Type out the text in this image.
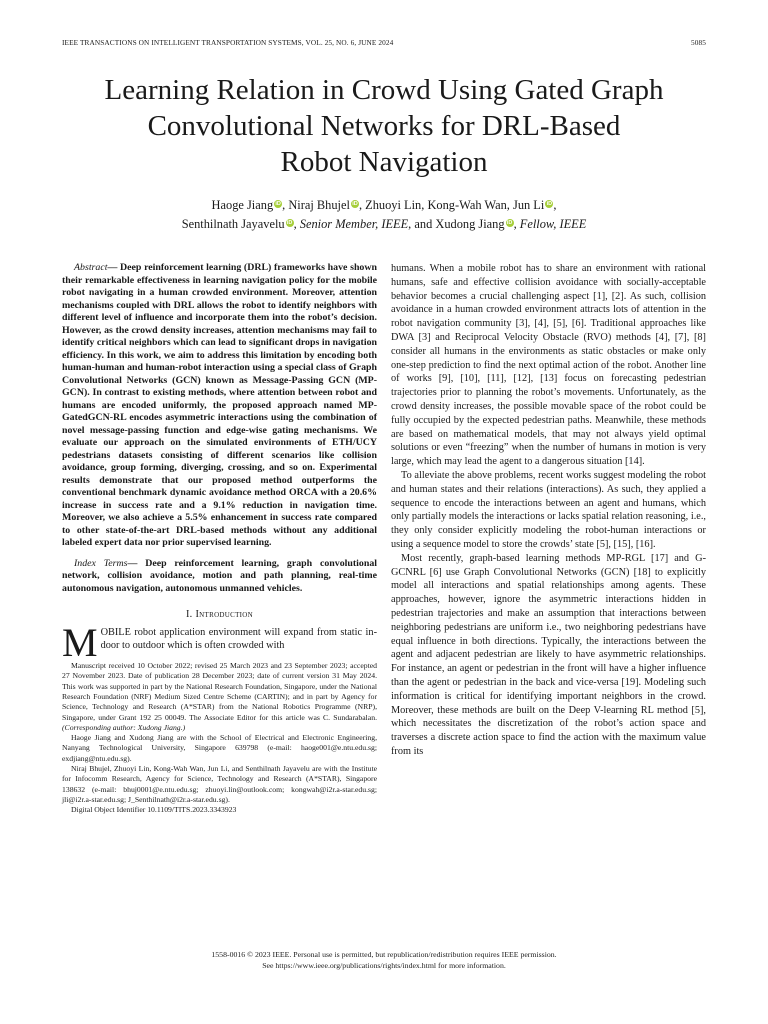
IEEE TRANSACTIONS ON INTELLIGENT TRANSPORTATION SYSTEMS, VOL. 25, NO. 6, JUNE 2024	5085
Learning Relation in Crowd Using Gated Graph
Convolutional Networks for DRL-Based
Robot Navigation
Haoge Jiang iD, Niraj Bhujel iD, Zhuoyi Lin, Kong-Wah Wan, Jun Li iD,
Senthilnath Jayavelu iD, Senior Member, IEEE, and Xudong Jiang iD, Fellow, IEEE

Abstract— Deep reinforcement learning (DRL) frameworks have shown their remarkable effectiveness in learning navigation policy for the mobile robot navigating in a human crowded environment. Moreover, attention mechanisms coupled with DRL allows the robot to identify neighbors with different level of influence and incorporate them into the robot’s decision. However, as the crowd density increases, attention mechanisms may fail to identify critical neighbors which can lead to significant drops in navigation efficiency. In this work, we aim to address this limitation by encoding both human-human and human-robot interaction using a special class of Graph Convolutional Networks (GCN) known as Message-Passing GCN (MP-GCN). In contrast to existing methods, where attention between robot and humans are encoded uniformly, the proposed approach named MP-GatedGCN-RL encodes asymmetric interactions using the combination of novel message-passing function and edge-wise gating mechanisms. We evaluate our approach on the simulated environments of ETH/UCY pedestrians datasets consisting of different scenarios like collision avoidance, group forming, diverging, crossing, and so on. Experimental results demonstrate that our proposed method outperforms the conventional benchmark dynamic avoidance method ORCA with a 20.6% increase in success rate and a 9.1% reduction in navigation time. Moreover, we also achieve a 5.5% enhancement in success rate compared to other state-of-the-art DRL-based methods without any additional labeled expert data nor prior supervised learning.

Index Terms— Deep reinforcement learning, graph convolutional network, collision avoidance, motion and path planning, real-time autonomous navigation, autonomous unmanned vehicles.

I. Introduction

MOBILE robot application environment will expand from static in-door to outdoor which is often crowded with

Manuscript received 10 October 2022; revised 25 March 2023 and 23 September 2023; accepted 27 November 2023. Date of publication 28 December 2023; date of current version 31 May 2024. This work was supported in part by the National Research Foundation, Singapore, under the National Research Foundation (NRF) Medium Sized Centre Scheme (CARTIN); and in part by Agency for Science, Technology and Research (A*STAR) from the National Robotics Programme (NRP), Singapore, under Grant 192 25 00049. The Associate Editor for this article was C. Sundarabalan. (Corresponding author: Xudong Jiang.)

Haoge Jiang and Xudong Jiang are with the School of Electrical and Electronic Engineering, Nanyang Technological University, Singapore 639798 (e-mail: haoge001@e.ntu.edu.sg; exdjiang@ntu.edu.sg).

Niraj Bhujel, Zhuoyi Lin, Kong-Wah Wan, Jun Li, and Senthilnath Jayavelu are with the Institute for Infocomm Research, Agency for Science, Technology and Research (A*STAR), Singapore 138632 (e-mail: bhuj0001@e.ntu.edu.sg; zhuoyi.lin@outlook.com; kongwah@i2r.a-star.edu.sg; jli@i2r.a-star.edu.sg; J_Senthilnath@i2r.a-star.edu.sg).

Digital Object Identifier 10.1109/TITS.2023.3343923

humans. When a mobile robot has to share an environment with rational humans, safe and effective collision avoidance with socially-acceptable behavior becomes a crucial challenging aspect [1], [2]. As such, collision avoidance in a human crowded environment attracts lots of attention in the robot navigation community [3], [4], [5], [6]. Traditional approaches like DWA [3] and Reciprocal Velocity Obstacle (RVO) methods [4], [7], [8] consider all humans in the environments as static obstacles or make only one-step prediction to find the next optimal action of the robot. Another line of works [9], [10], [11], [12], [13] focus on forecasting pedestrian trajectories prior to planning the robot’s movements. Unfortunately, as the crowd density increases, the possible movable space of the robot could be fully occupied by the expected pedestrian paths. Meanwhile, these methods are based on mathematical models, that may not always yield optimal solutions or even “freezing” when the number of humans in motion is very large, which may lead the agent to a dangerous situation [14].

To alleviate the above problems, recent works suggest modeling the robot and human states and their relations (interactions). As such, they applied a sequence to encode the interactions between an agent and humans, which only partially models the interactions or lacks spatial relation reasoning, i.e., they only consider explicitly modeling the robot-human interactions or using a sequence model to store the crowds’ state [5], [15], [16].

Most recently, graph-based learning methods MP-RGL [17] and G-GCNRL [6] use Graph Convolutional Networks (GCN) [18] to explicitly model all interactions and spatial relationships among agents. These approaches, however, ignore the asymmetric interactions hidden in pedestrian trajectories and make an assumption that interactions between neighboring pedestrians are uniform i.e., two neighboring pedestrians have equal influence in both directions. Typically, the interactions between the agent and adjacent pedestrian are likely to have asymmetric relationships. For instance, an agent or pedestrian in the front will have a higher influence than the agent or pedestrian in the back and vice-versa [19]. Modeling such information is critical for identifying important neighbors in the crowd. Moreover, these methods are built on the Deep V-learning RL method [5], which necessitates the discretization of the robot’s action space and traverses a discrete action space to find the action with the maximum value from its

1558-0016 © 2023 IEEE. Personal use is permitted, but republication/redistribution requires IEEE permission.
See https://www.ieee.org/publications/rights/index.html for more information.
